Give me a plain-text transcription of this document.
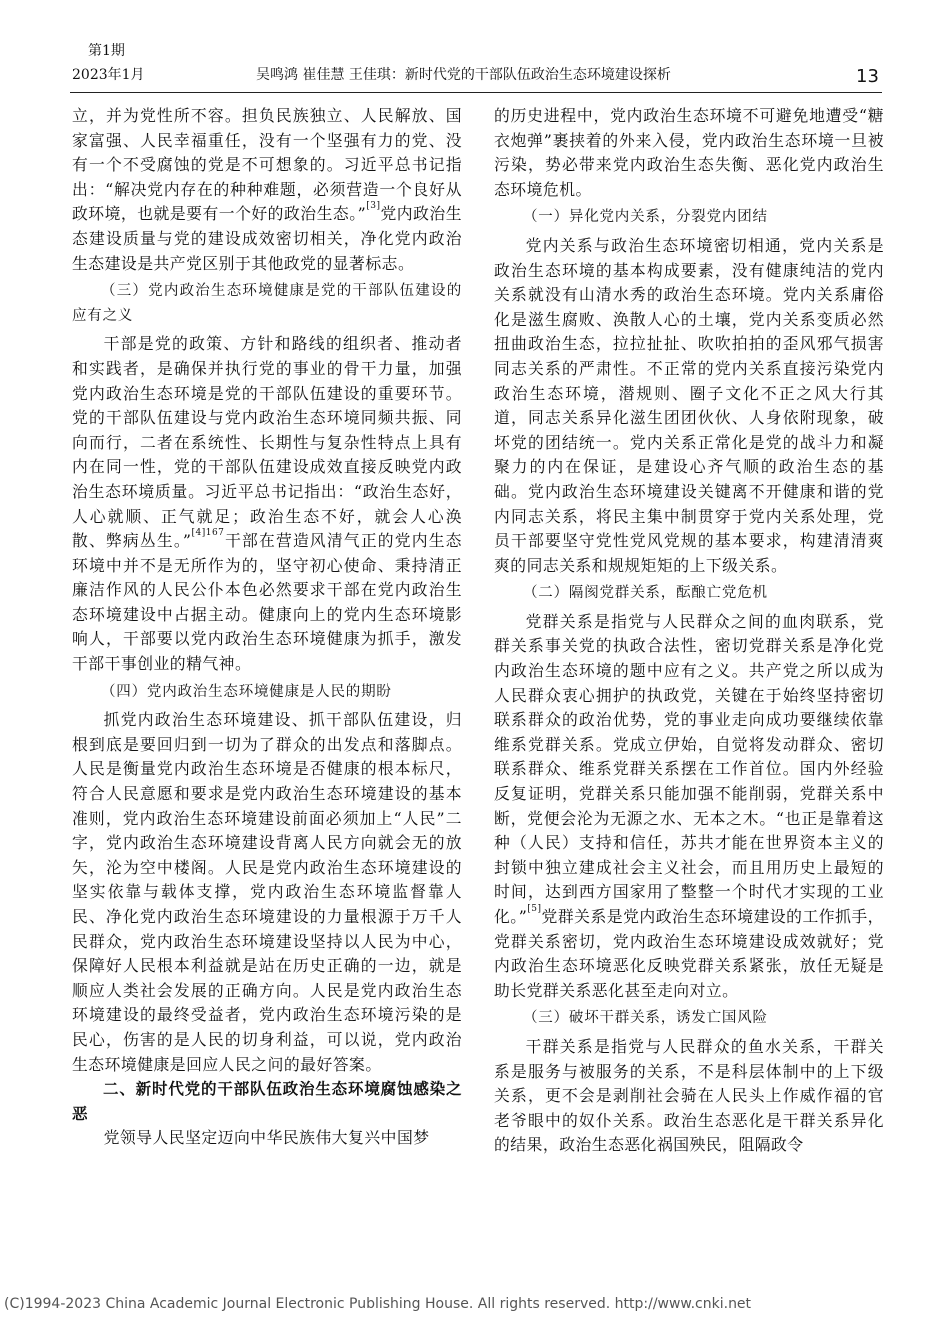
第1期
2023年1月	吴鸣鸿 崔佳慧 王佳琪：新时代党的干部队伍政治生态环境建设探析	13

立，并为党性所不容。担负民族独立、人民解放、国家富强、人民幸福重任，没有一个坚强有力的党、没有一个不受腐蚀的党是不可想象的。习近平总书记指出：“解决党内存在的种种难题，必须营造一个良好从政环境，也就是要有一个好的政治生态。”[3]党内政治生态建设质量与党的建设成效密切相关，净化党内政治生态建设是共产党区别于其他政党的显著标志。

（三）党内政治生态环境健康是党的干部队伍建设的应有之义

干部是党的政策、方针和路线的组织者、推动者和实践者，是确保并执行党的事业的骨干力量，加强党内政治生态环境是党的干部队伍建设的重要环节。党的干部队伍建设与党内政治生态环境同频共振、同向而行，二者在系统性、长期性与复杂性特点上具有内在同一性，党的干部队伍建设成效直接反映党内政治生态环境质量。习近平总书记指出：“政治生态好，人心就顺、正气就足；政治生态不好，就会人心涣散、弊病丛生。”$^{[4]167}$干部在营造风清气正的党内生态环境中并不是无所作为的，坚守初心使命、秉持清正廉洁作风的人民公仆本色必然要求干部在党内政治生态环境建设中占据主动。健康向上的党内生态环境影响人，干部要以党内政治生态环境健康为抓手，激发干部干事创业的精气神。

（四）党内政治生态环境健康是人民的期盼

抓党内政治生态环境建设、抓干部队伍建设，归根到底是要回归到一切为了群众的出发点和落脚点。人民是衡量党内政治生态环境是否健康的根本标尺，符合人民意愿和要求是党内政治生态环境建设的基本准则，党内政治生态环境建设前面必须加上“人民”二字，党内政治生态环境建设背离人民方向就会无的放矢，沦为空中楼阁。人民是党内政治生态环境建设的坚实依靠与载体支撑，党内政治生态环境监督靠人民、净化党内政治生态环境建设的力量根源于万千人民群众，党内政治生态环境建设坚持以人民为中心，保障好人民根本利益就是站在历史正确的一边，就是顺应人类社会发展的正确方向。人民是党内政治生态环境建设的最终受益者，党内政治生态环境污染的是民心，伤害的是人民的切身利益，可以说，党内政治生态环境健康是回应人民之问的最好答案。

二、新时代党的干部队伍政治生态环境腐蚀感染之恶

党领导人民坚定迈向中华民族伟大复兴中国梦

的历史进程中，党内政治生态环境不可避免地遭受“糖衣炮弹”裹挟着的外来入侵，党内政治生态环境一旦被污染，势必带来党内政治生态失衡、恶化党内政治生态环境危机。

（一）异化党内关系，分裂党内团结

党内关系与政治生态环境密切相通，党内关系是政治生态环境的基本构成要素，没有健康纯洁的党内关系就没有山清水秀的政治生态环境。党内关系庸俗化是滋生腐败、涣散人心的土壤，党内关系变质必然扭曲政治生态，拉拉扯扯、吹吹拍拍的歪风邪气损害同志关系的严肃性。不正常的党内关系直接污染党内政治生态环境，潜规则、圈子文化不正之风大行其道，同志关系异化滋生团团伙伙、人身依附现象，破坏党的团结统一。党内关系正常化是党的战斗力和凝聚力的内在保证，是建设心齐气顺的政治生态的基础。党内政治生态环境建设关键离不开健康和谐的党内同志关系，将民主集中制贯穿于党内关系处理，党员干部要坚守党性党风党规的基本要求，构建清清爽爽的同志关系和规规矩矩的上下级关系。

（二）隔阂党群关系，酝酿亡党危机

党群关系是指党与人民群众之间的血肉联系，党群关系事关党的执政合法性，密切党群关系是净化党内政治生态环境的题中应有之义。共产党之所以成为人民群众衷心拥护的执政党，关键在于始终坚持密切联系群众的政治优势，党的事业走向成功要继续依靠维系党群关系。党成立伊始，自觉将发动群众、密切联系群众、维系党群关系摆在工作首位。国内外经验反复证明，党群关系只能加强不能削弱，党群关系中断，党便会沦为无源之水、无本之木。“也正是靠着这种（人民）支持和信任，苏共才能在世界资本主义的封锁中独立建成社会主义社会，而且用历史上最短的时间，达到西方国家用了整整一个时代才实现的工业化。”[5]党群关系是党内政治生态环境建设的工作抓手，党群关系密切，党内政治生态环境建设成效就好；党内政治生态环境恶化反映党群关系紧张，放任无疑是助长党群关系恶化甚至走向对立。

（三）破坏干群关系，诱发亡国风险

干群关系是指党与人民群众的鱼水关系，干群关系是服务与被服务的关系，不是科层体制中的上下级关系，更不会是剥削社会骑在人民头上作威作福的官老爷眼中的奴仆关系。政治生态恶化是干群关系异化的结果，政治生态恶化祸国殃民，阻隔政令

(C)1994-2023 China Academic Journal Electronic Publishing House. All rights reserved. http://www.cnki.net
